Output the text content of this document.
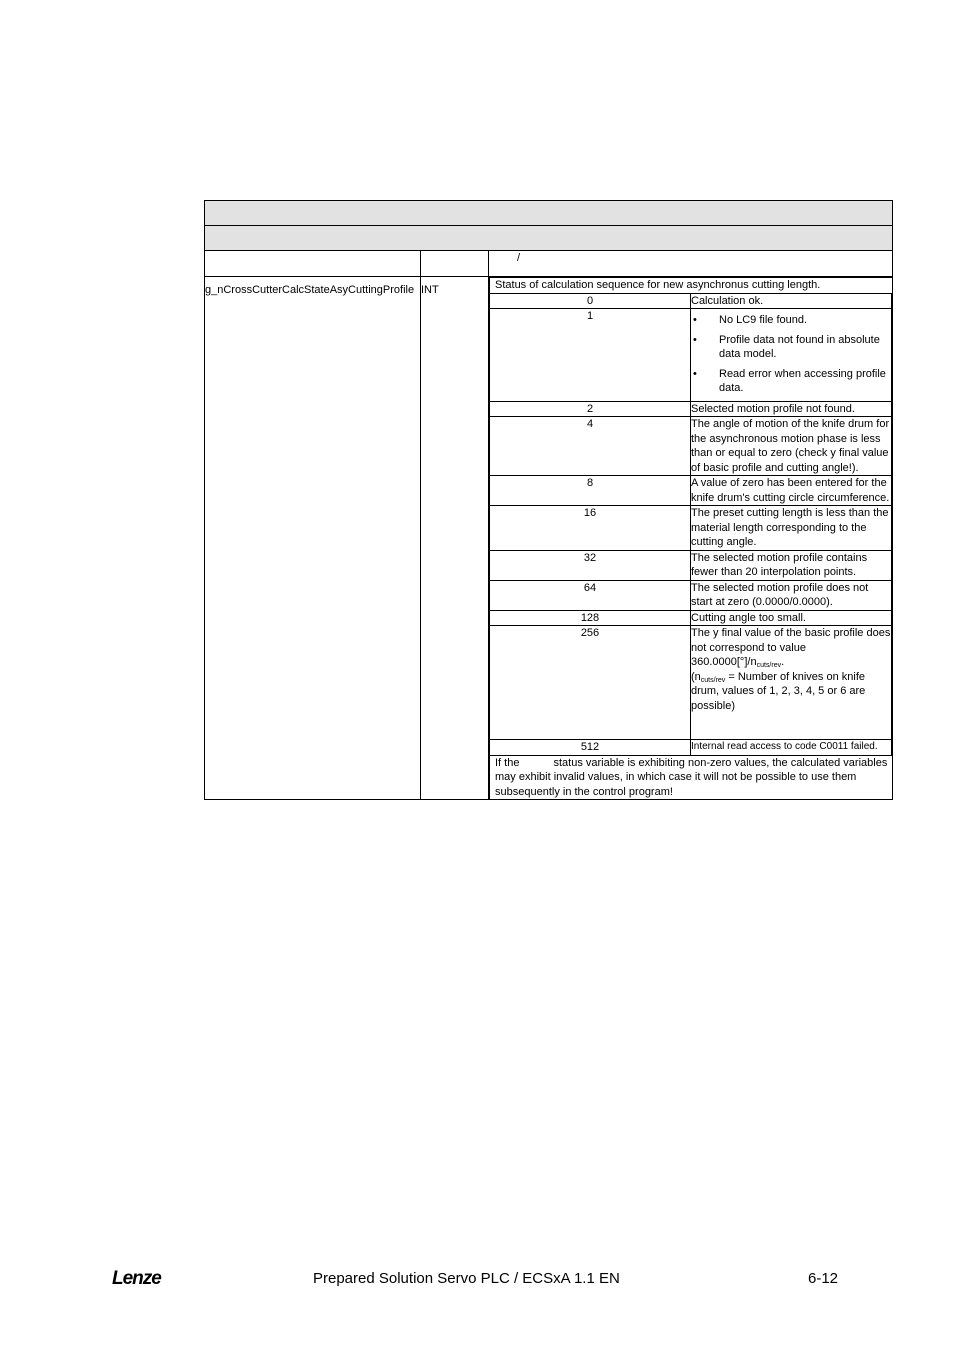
		/
g_nCrossCutterCalcStateAsyCuttingProfile	INT		Status of calculation sequence for new asynchronus cutting length.
0	Calculation ok.
1	
•No LC9 file found.
• Profile data not found in absolute data model.
• Read error when accessing profile data.

2	Selected motion profile not found.
4	The angle of motion of the knife drum for the asynchronous motion phase is less than or equal to zero (check y final value of basic profile and cutting angle!).
8	A value of zero has been entered for the knife drum's cutting circle circumference.
16	The preset cutting length is less than the material length corresponding to the cutting angle.
32	The selected motion profile contains fewer than 20 interpolation points.
64	The selected motion profile does not start at zero (0.0000/0.0000).
128	Cutting angle too small.
256	The y final value of the basic profile does not correspond to value $360.0000[^\circ]/n_{cuts/rev}$.
($n_{cuts/rev}$ = Number of knives on knife drum, values of 1, 2, 3, 4, 5 or 6 are possible)
512	Internal read access to code C0011 failed.
If the	status variable is exhibiting non-zero values, the calculated variables may exhibit invalid values, in which case it will not be possible to use them subsequently in the control program!
Lenze	Prepared Solution Servo PLC / ECSxA 1.1 EN	6-12
